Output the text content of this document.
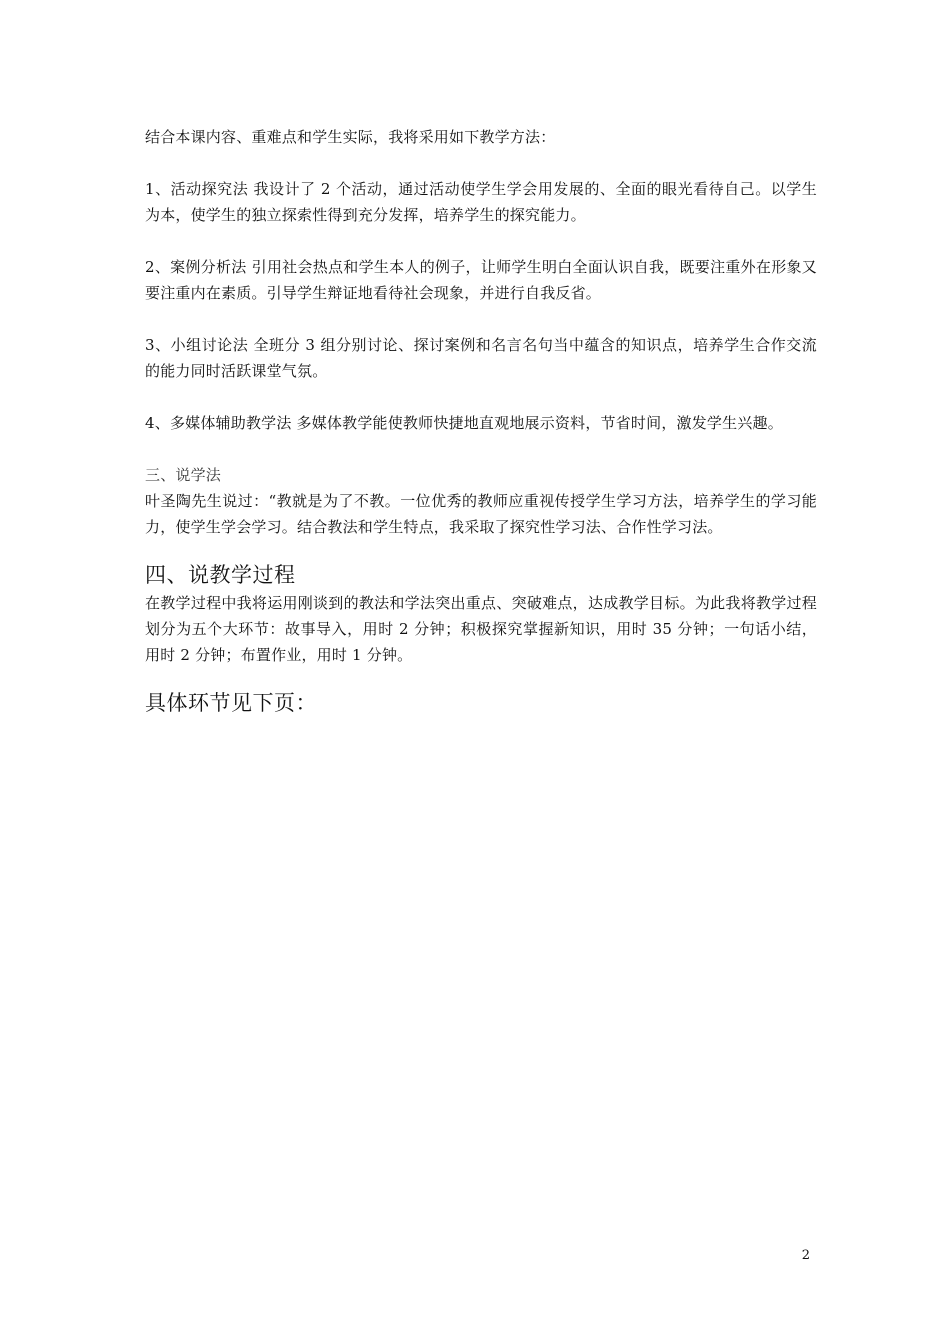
结合本课内容、重难点和学生实际，我将采用如下教学方法：

1、活动探究法 我设计了 2 个活动，通过活动使学生学会用发展的、全面的眼光看待自己。以学生为本，使学生的独立探索性得到充分发挥，培养学生的探究能力。

2、案例分析法 引用社会热点和学生本人的例子，让师学生明白全面认识自我，既要注重外在形象又要注重内在素质。引导学生辩证地看待社会现象，并进行自我反省。

3、小组讨论法 全班分 3 组分别讨论、探讨案例和名言名句当中蕴含的知识点，培养学生合作交流的能力同时活跃课堂气氛。

4、多媒体辅助教学法 多媒体教学能使教师快捷地直观地展示资料，节省时间，激发学生兴趣。

三、说学法

叶圣陶先生说过：“教就是为了不教。一位优秀的教师应重视传授学生学习方法，培养学生的学习能力，使学生学会学习。结合教法和学生特点，我采取了探究性学习法、合作性学习法。

四、说教学过程

在教学过程中我将运用刚谈到的教法和学法突出重点、突破难点，达成教学目标。为此我将教学过程划分为五个大环节：故事导入，用时 2 分钟；积极探究掌握新知识，用时 35 分钟；一句话小结，用时 2 分钟；布置作业，用时 1 分钟。

具体环节见下页：
2
